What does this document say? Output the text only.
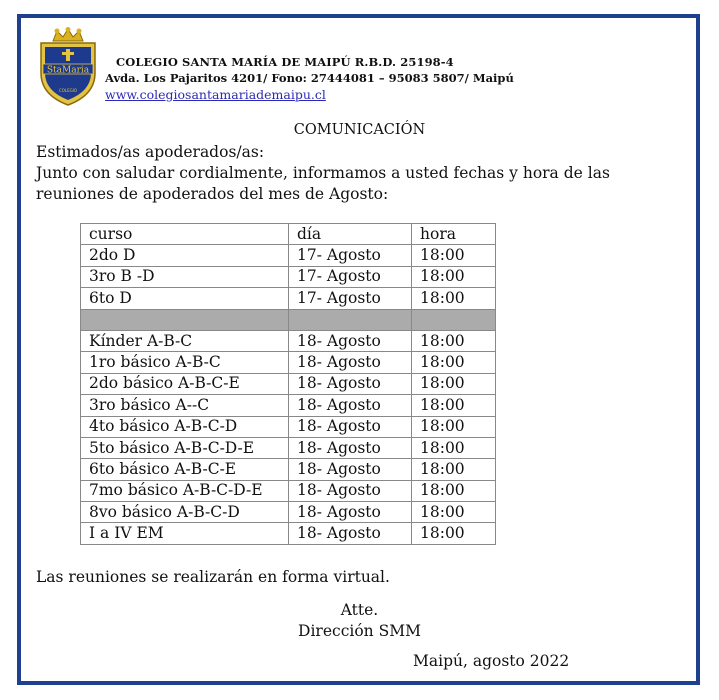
StaMaria
COLEGIO
COLEGIO SANTA MARÍA DE MAIPÚ R.B.D. 25198-4
Avda. Los Pajaritos 4201/ Fono: 27444081 – 95083 5807/ Maipú
www.colegiosantamariademaipu.cl
COMUNICACIÓN
Estimados/as apoderados/as:
Junto con saludar cordialmente, informamos a usted fechas y hora de las reuniones de apoderados del mes de Agosto:
curso	día	hora
2do D	17- Agosto	18:00
3ro B -D	17- Agosto	18:00
6to D	17- Agosto	18:00

Kínder A-B-C	18- Agosto	18:00
1ro básico A-B-C	18- Agosto	18:00
2do básico A-B-C-E	18- Agosto	18:00
3ro básico A--C	18- Agosto	18:00
4to básico A-B-C-D	18- Agosto	18:00
5to básico A-B-C-D-E	18- Agosto	18:00
6to básico A-B-C-E	18- Agosto	18:00
7mo básico A-B-C-D-E	18- Agosto	18:00
8vo básico A-B-C-D	18- Agosto	18:00
I a IV EM	18- Agosto	18:00
Las reuniones se realizarán en forma virtual.
Atte.
Dirección SMM
Maipú, agosto 2022
